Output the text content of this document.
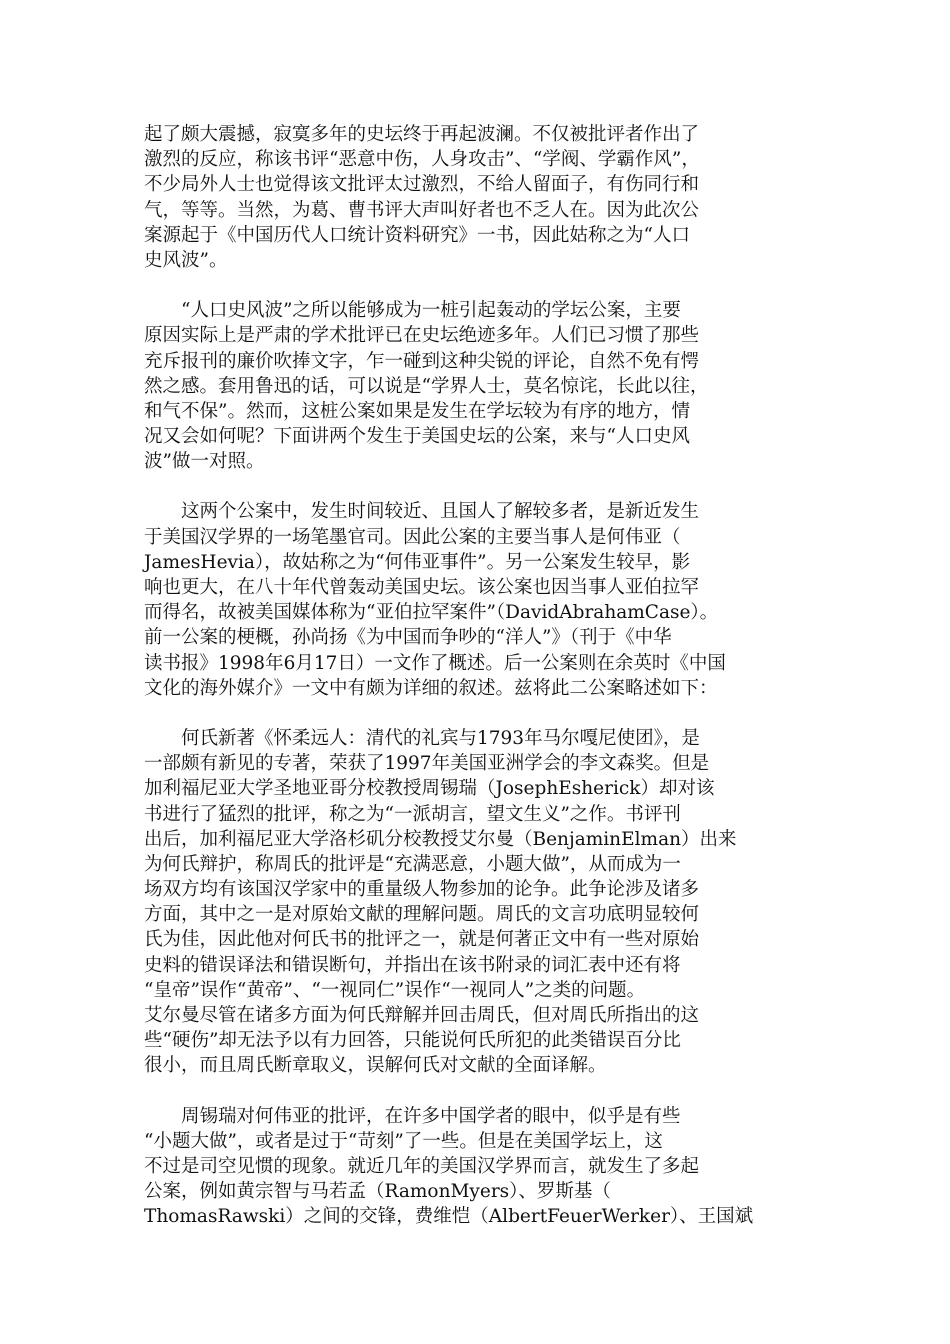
起了颇大震撼，寂寞多年的史坛终于再起波澜。不仅被批评者作出了
激烈的反应，称该书评“恶意中伤，人身攻击”、“学阀、学霸作风”，
不少局外人士也觉得该文批评太过激烈，不给人留面子，有伤同行和
气，等等。当然，为葛、曹书评大声叫好者也不乏人在。因为此次公
案源起于《中国历代人口统计资料研究》一书，因此姑称之为“人口
史风波”。
“人口史风波”之所以能够成为一桩引起轰动的学坛公案，主要
原因实际上是严肃的学术批评已在史坛绝迹多年。人们已习惯了那些
充斥报刊的廉价吹捧文字，乍一碰到这种尖锐的评论，自然不免有愕
然之感。套用鲁迅的话，可以说是“学界人士，莫名惊诧，长此以往，
和气不保”。然而，这桩公案如果是发生在学坛较为有序的地方，情
况又会如何呢？下面讲两个发生于美国史坛的公案，来与“人口史风
波”做一对照。
这两个公案中，发生时间较近、且国人了解较多者，是新近发生
于美国汉学界的一场笔墨官司。因此公案的主要当事人是何伟亚（
JamesHevia），故姑称之为“何伟亚事件”。另一公案发生较早，影
响也更大，在八十年代曾轰动美国史坛。该公案也因当事人亚伯拉罕
而得名，故被美国媒体称为“亚伯拉罕案件”（DavidAbrahamCase）。
前一公案的梗概，孙尚扬《为中国而争吵的“洋人”》（刊于《中华
读书报》1998年6月17日）一文作了概述。后一公案则在余英时《中国
文化的海外媒介》一文中有颇为详细的叙述。兹将此二公案略述如下：
何氏新著《怀柔远人：清代的礼宾与1793年马尔嘎尼使团》，是
一部颇有新见的专著，荣获了1997年美国亚洲学会的李文森奖。但是
加利福尼亚大学圣地亚哥分校教授周锡瑞（JosephEsherick）却对该
书进行了猛烈的批评，称之为“一派胡言，望文生义”之作。书评刊
出后，加利福尼亚大学洛杉矶分校教授艾尔曼（BenjaminElman）出来
为何氏辩护，称周氏的批评是“充满恶意，小题大做”，从而成为一
场双方均有该国汉学家中的重量级人物参加的论争。此争论涉及诸多
方面，其中之一是对原始文献的理解问题。周氏的文言功底明显较何
氏为佳，因此他对何氏书的批评之一，就是何著正文中有一些对原始
史料的错误译法和错误断句，并指出在该书附录的词汇表中还有将
“皇帝”误作“黄帝”、“一视同仁”误作“一视同人”之类的问题。
艾尔曼尽管在诸多方面为何氏辩解并回击周氏，但对周氏所指出的这
些“硬伤”却无法予以有力回答，只能说何氏所犯的此类错误百分比
很小，而且周氏断章取义，误解何氏对文献的全面译解。
周锡瑞对何伟亚的批评，在许多中国学者的眼中，似乎是有些
“小题大做”，或者是过于“苛刻”了一些。但是在美国学坛上，这
不过是司空见惯的现象。就近几年的美国汉学界而言，就发生了多起
公案，例如黄宗智与马若孟（RamonMyers）、罗斯基（
ThomasRawski）之间的交锋，费维恺（AlbertFeuerWerker）、王国斌
